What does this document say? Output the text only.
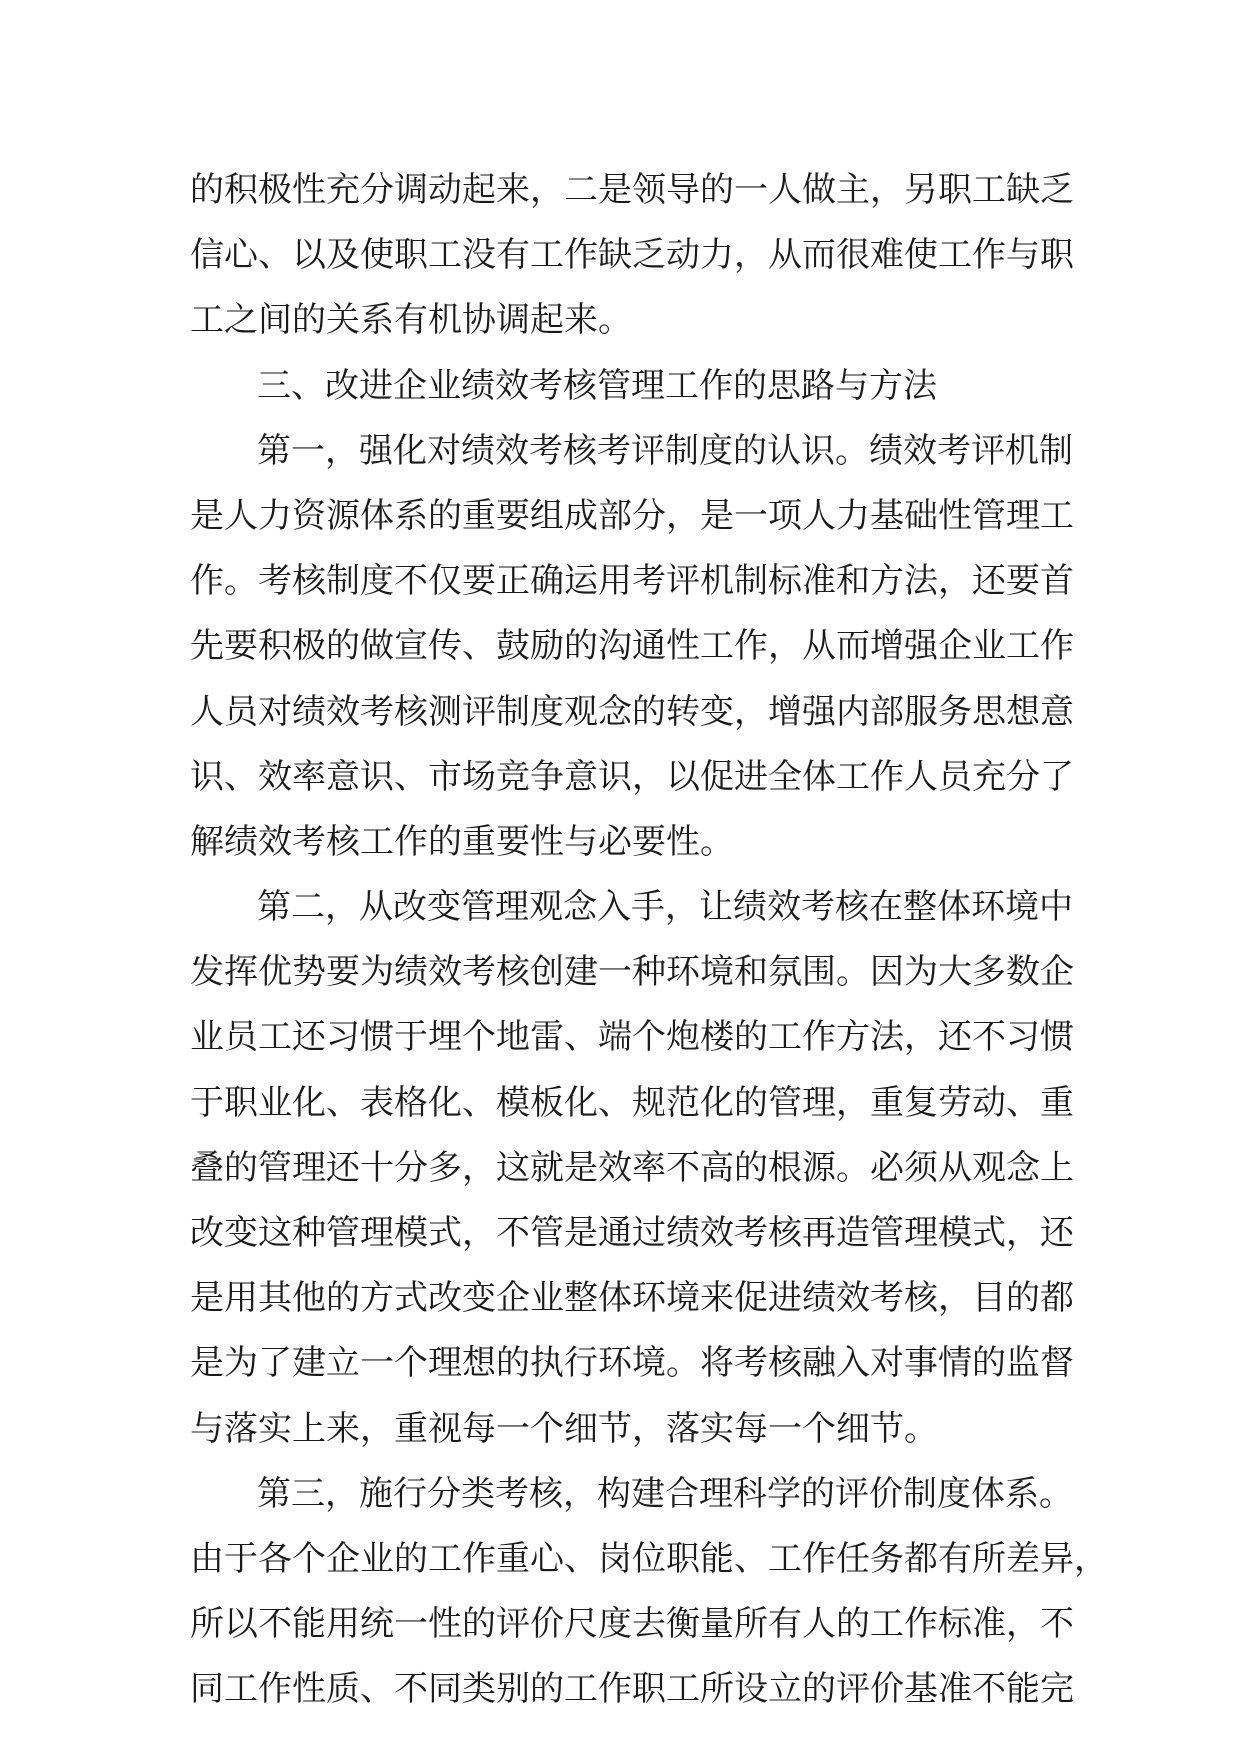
的积极性充分调动起来，二是领导的一人做主，另职工缺乏
信心、以及使职工没有工作缺乏动力，从而很难使工作与职
工之间的关系有机协调起来。
三、改进企业绩效考核管理工作的思路与方法
第一，强化对绩效考核考评制度的认识。绩效考评机制
是人力资源体系的重要组成部分，是一项人力基础性管理工
作。考核制度不仅要正确运用考评机制标准和方法，还要首
先要积极的做宣传、鼓励的沟通性工作，从而增强企业工作
人员对绩效考核测评制度观念的转变，增强内部服务思想意
识、效率意识、市场竞争意识，以促进全体工作人员充分了
解绩效考核工作的重要性与必要性。
第二，从改变管理观念入手，让绩效考核在整体环境中
发挥优势要为绩效考核创建一种环境和氛围。因为大多数企
业员工还习惯于埋个地雷、端个炮楼的工作方法，还不习惯
于职业化、表格化、模板化、规范化的管理，重复劳动、重
叠的管理还十分多，这就是效率不高的根源。必须从观念上
改变这种管理模式，不管是通过绩效考核再造管理模式，还
是用其他的方式改变企业整体环境来促进绩效考核，目的都
是为了建立一个理想的执行环境。将考核融入对事情的监督
与落实上来，重视每一个细节，落实每一个细节。
第三，施行分类考核，构建合理科学的评价制度体系。
由于各个企业的工作重心、岗位职能、工作任务都有所差异，
所以不能用统一性的评价尺度去衡量所有人的工作标准，不
同工作性质、不同类别的工作职工所设立的评价基准不能完
